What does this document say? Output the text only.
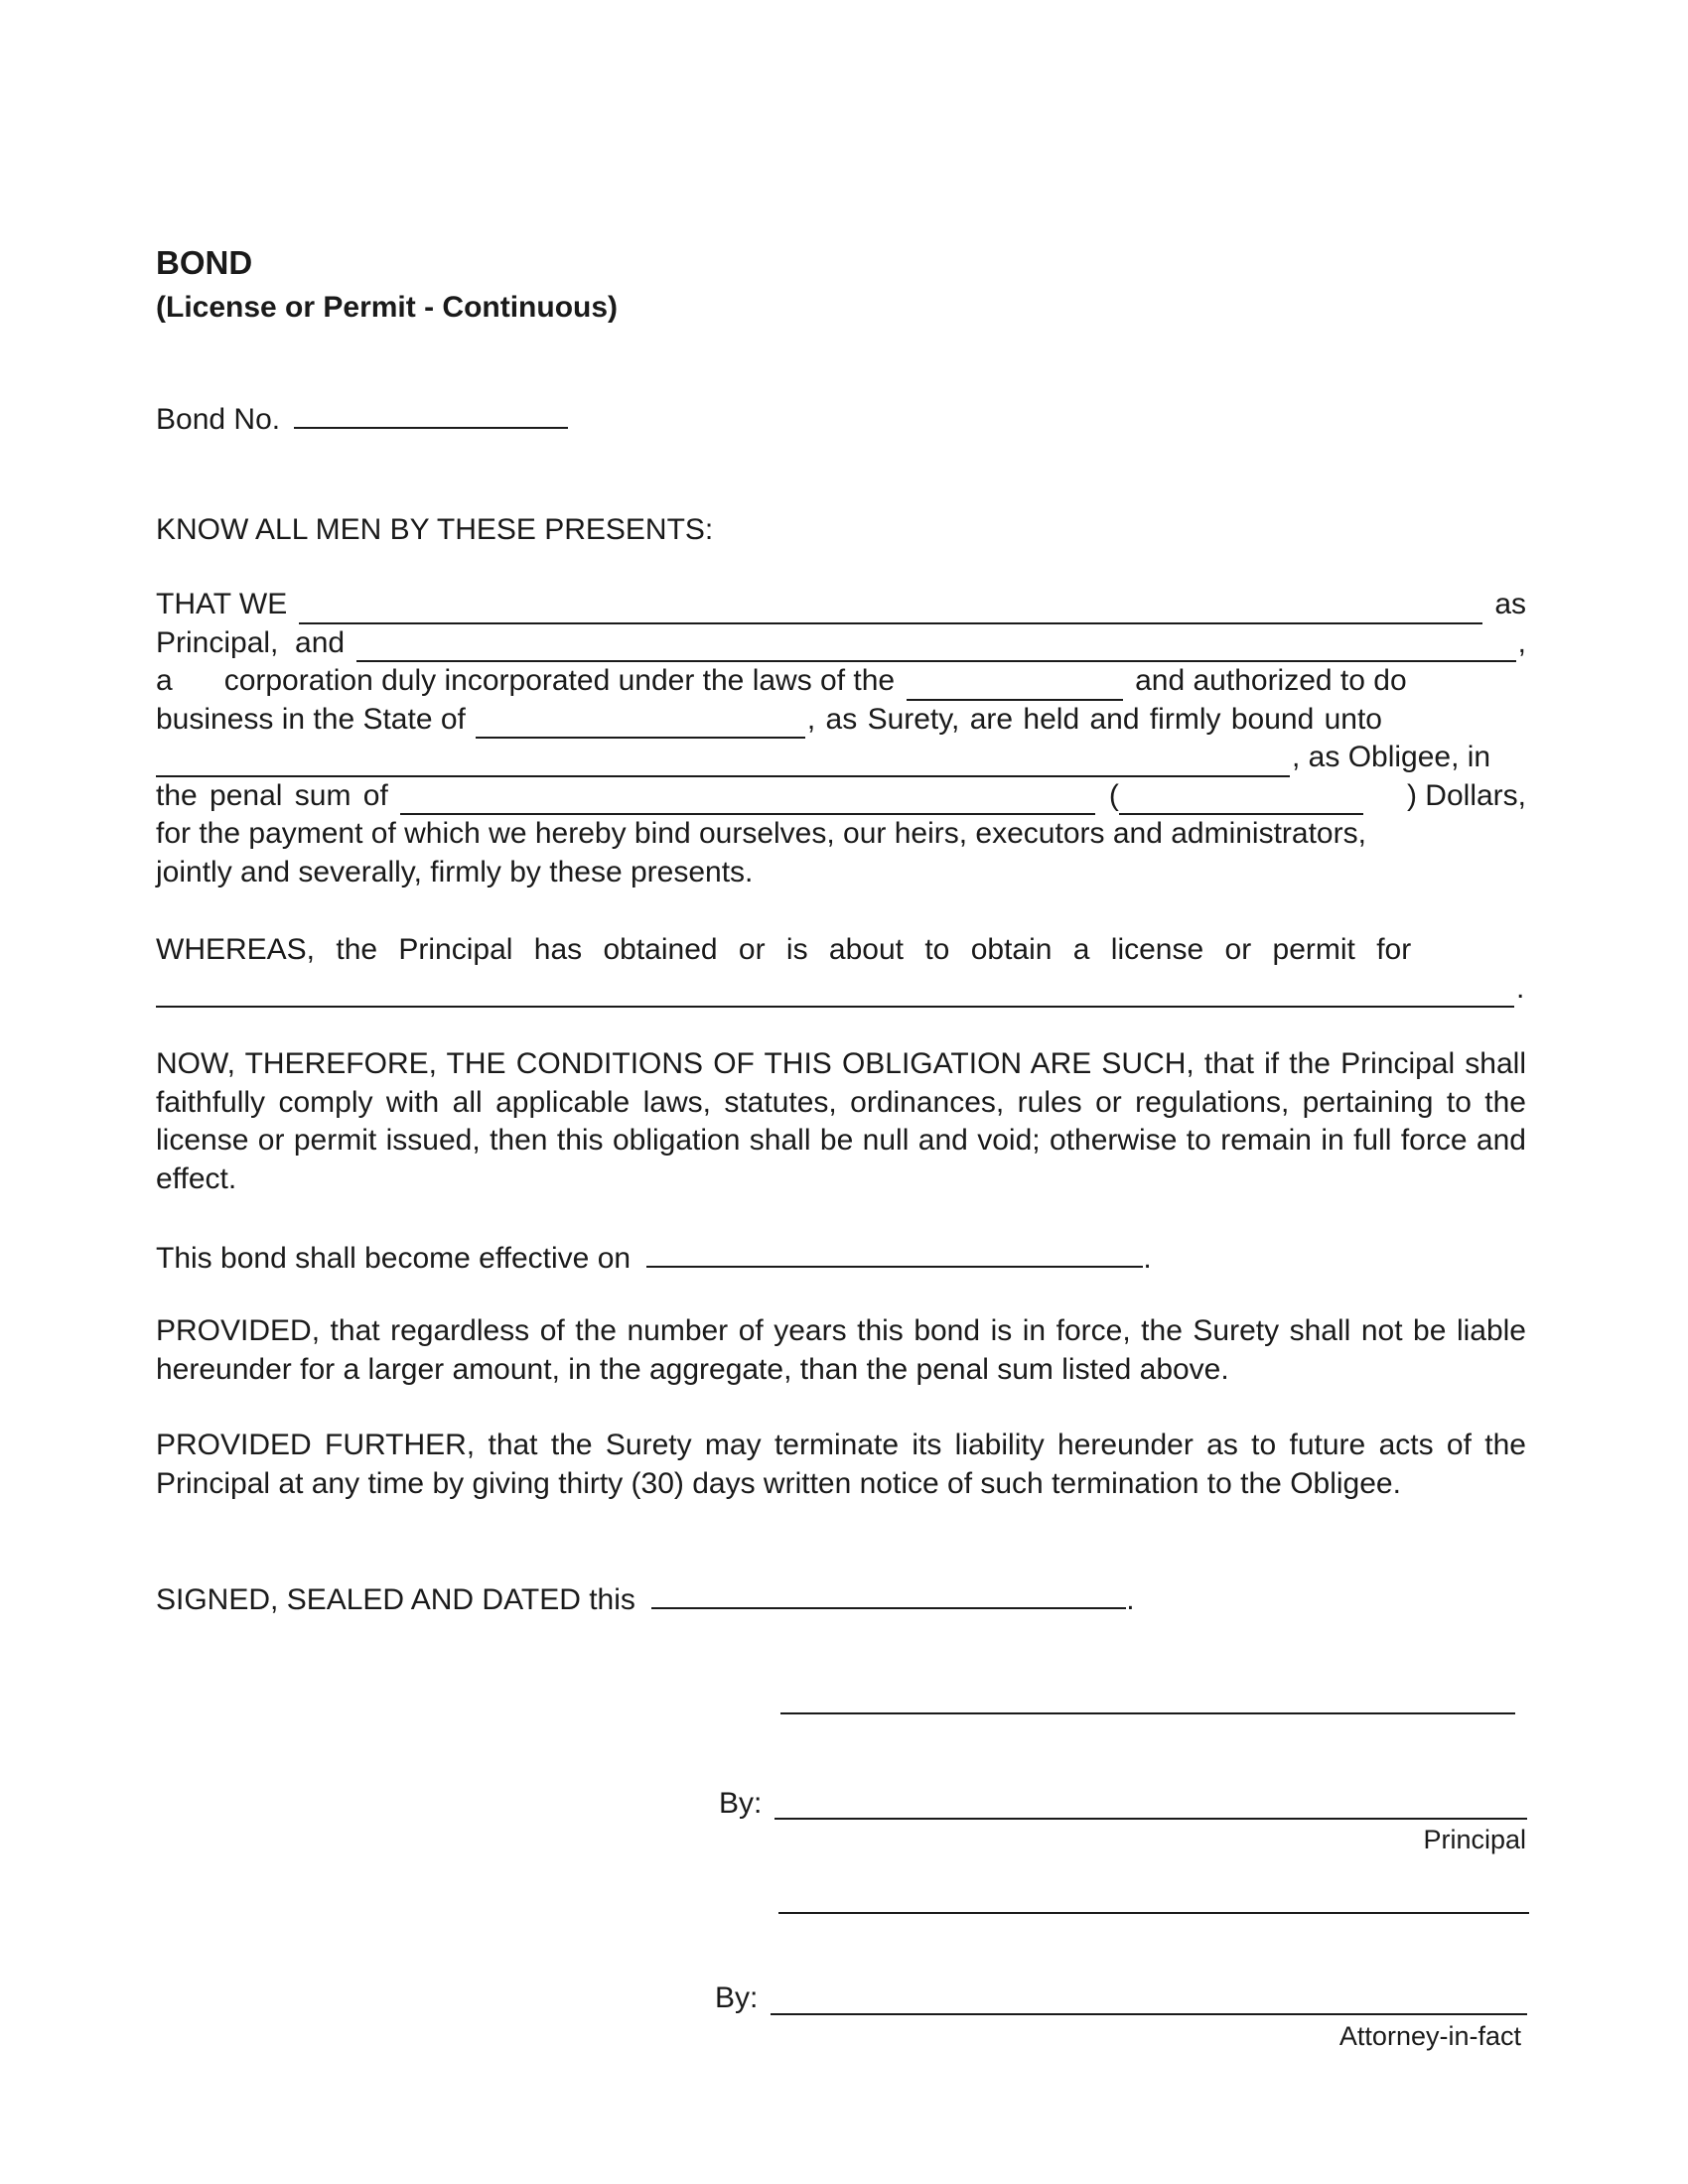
BOND
(License or Permit - Continuous)
Bond No.
KNOW ALL MEN BY THESE PRESENTS:
THAT WE	as
Principal,  and	,
a corporation duly incorporated under the laws of the	and authorized to do
business in the State of	, as Surety, are held and firmly bound unto
, as Obligee, in
the penal sum of	(	) Dollars,
for the payment of which we hereby bind ourselves, our heirs, executors and administrators,
jointly and severally, firmly by these presents.
WHEREAS, the Principal has obtained or is about to obtain a license or permit for
.
NOW, THEREFORE, THE CONDITIONS OF THIS OBLIGATION ARE SUCH, that if the Principal shall faithfully comply with all applicable laws, statutes, ordinances, rules or regulations, pertaining to the license or permit issued, then this obligation shall be null and void; otherwise to remain in full force and effect.
This bond shall become effective on	.
PROVIDED, that regardless of the number of years this bond is in force, the Surety shall not be liable hereunder for a larger amount, in the aggregate, than the penal sum listed above.
PROVIDED FURTHER, that the Surety may terminate its liability hereunder as to future acts of the Principal at any time by giving thirty (30) days written notice of such termination to the Obligee.
SIGNED, SEALED AND DATED this	.
By:
Principal
By:
Attorney-in-fact
